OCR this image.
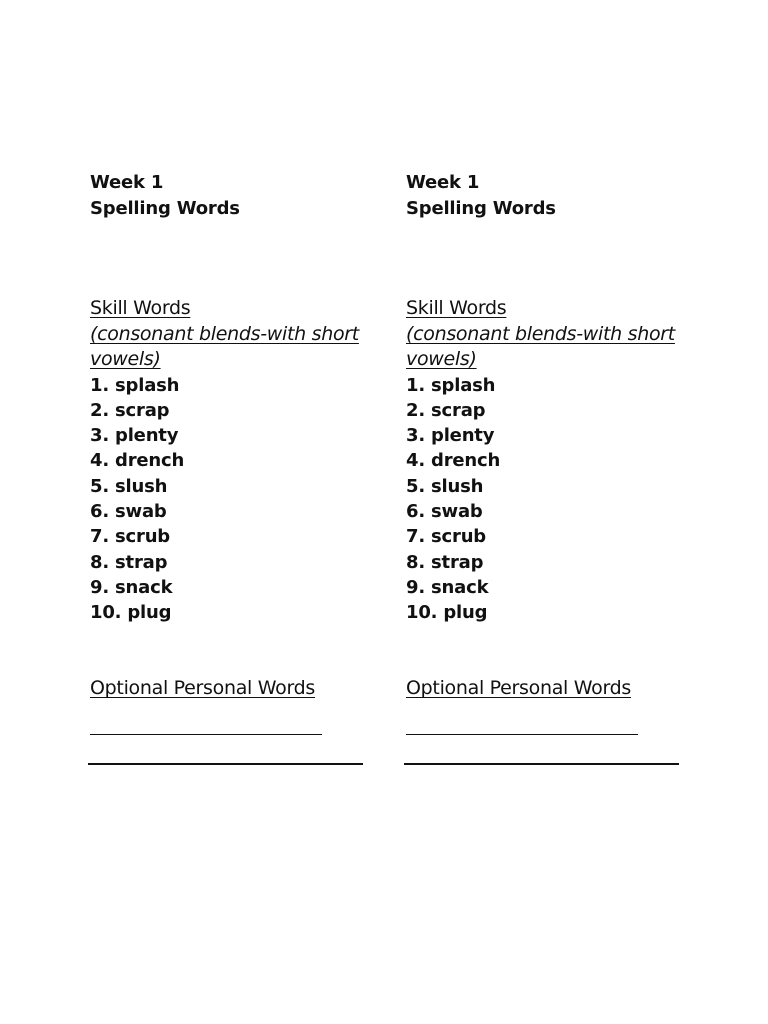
Week 1
Spelling Words
Skill Words
(consonant blends-with short vowels)
1. splash
2. scrap
3. plenty
4. drench
5. slush
6. swab
7. scrub
8. strap
9. snack
10. plug
Optional Personal Words
Week 1
Spelling Words
Skill Words
(consonant blends-with short vowels)
1. splash
2. scrap
3. plenty
4. drench
5. slush
6. swab
7. scrub
8. strap
9. snack
10. plug
Optional Personal Words
